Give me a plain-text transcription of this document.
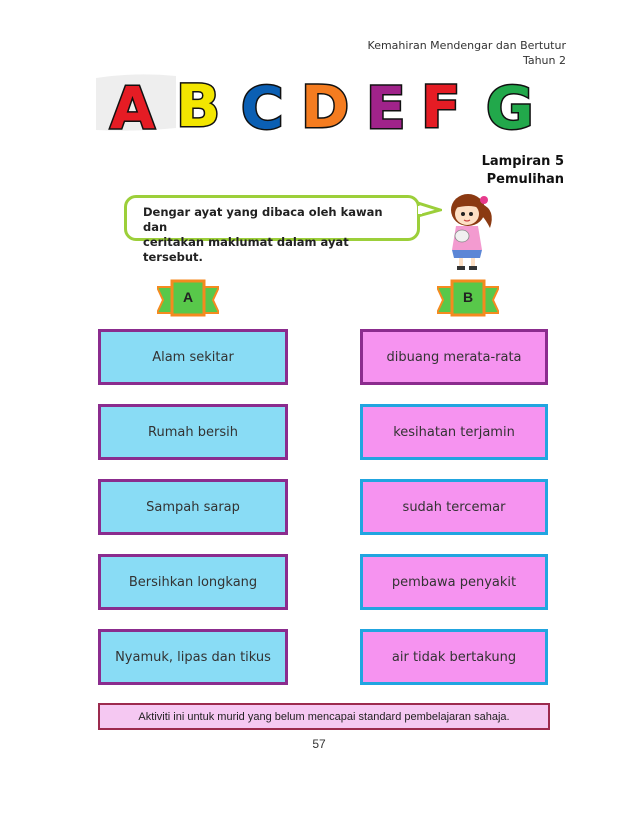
Kemahiran Mendengar dan Bertutur
Tahun 2
A B C D E F G
Lampiran 5
Pemulihan
Dengar ayat yang dibaca oleh kawan dan
ceritakan maklumat dalam ayat tersebut.
A	B
Alam sekitar
Rumah bersih
Sampah sarap
Bersihkan longkang
Nyamuk, lipas dan tikus
dibuang merata-rata
kesihatan terjamin
sudah tercemar
pembawa penyakit
air tidak bertakung
Aktiviti ini untuk murid yang belum mencapai standard pembelajaran sahaja.
57
